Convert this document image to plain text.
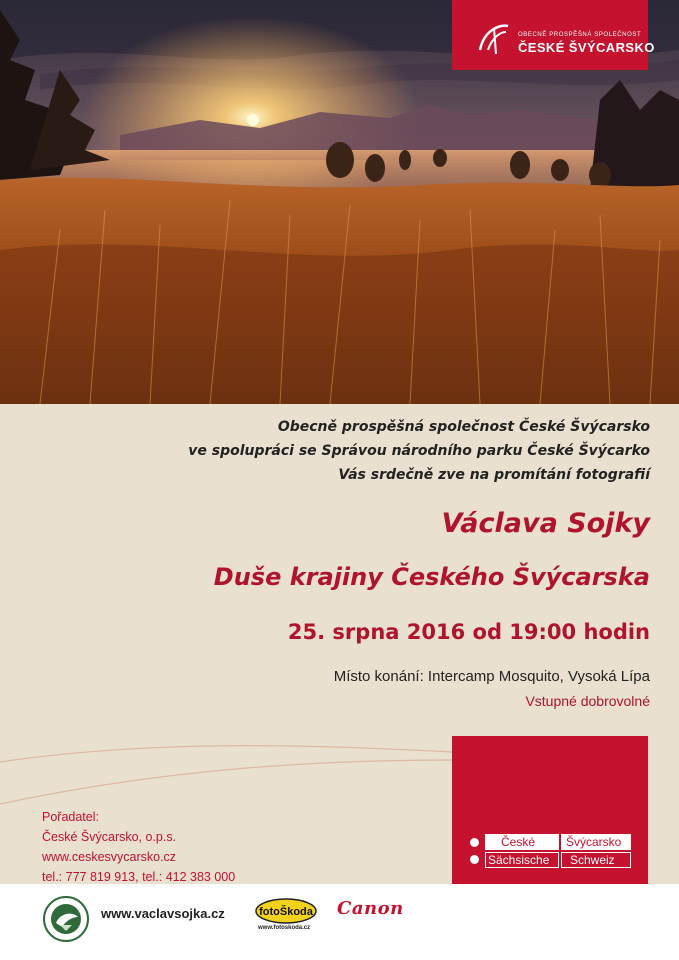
OBECNĚ PROSPĚŠNÁ SPOLEČNOST
ČESKÉ ŠVÝCARSKO
Obecně prospěšná společnost České Švýcarsko
ve spolupráci se Správou národního parku České Švýcarko
Vás srdečně zve na promítání fotografií
Václava Sojky
Duše krajiny Českého Švýcarska
25. srpna 2016 od 19:00 hodin
Místo konání: Intercamp Mosquito, Vysoká Lípa
Vstupné dobrovolné
České	Švýcarsko
Sächsische	Schweiz
Pořadatel:
České Švýcarsko, o.p.s.
www.ceskesvycarsko.cz
tel.: 777 819 913, tel.: 412 383 000
www.vaclavsojka.cz	fotoŠkoda
www.fotoskoda.cz
Canon
